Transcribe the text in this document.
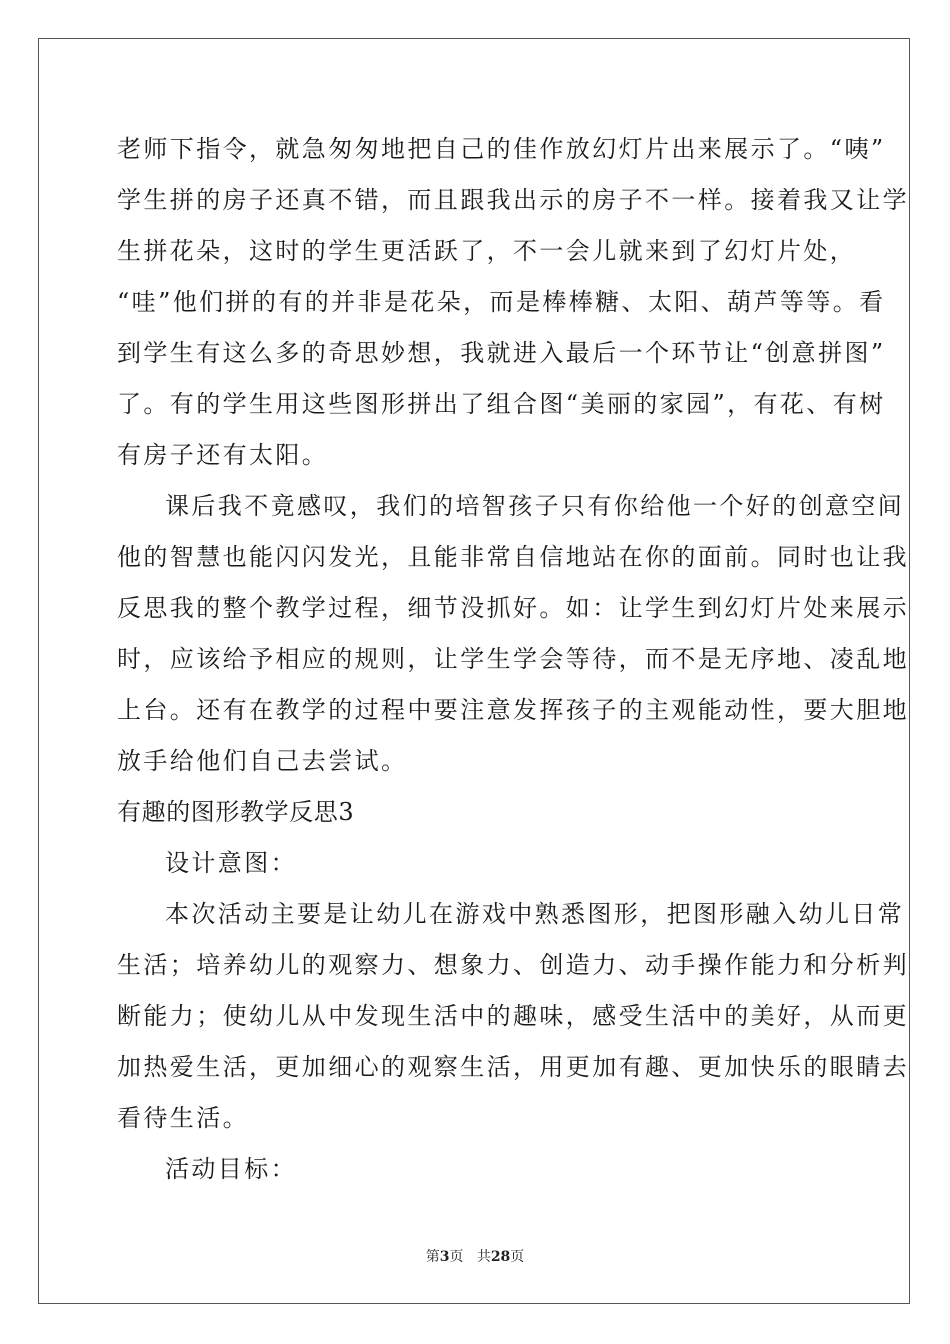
老师下指令，就急匆匆地把自己的佳作放幻灯片出来展示了。“咦”
学生拼的房子还真不错，而且跟我出示的房子不一样。接着我又让学
生拼花朵，这时的学生更活跃了，不一会儿就来到了幻灯片处，
“哇”他们拼的有的并非是花朵，而是棒棒糖、太阳、葫芦等等。看
到学生有这么多的奇思妙想，我就进入最后一个环节让“创意拼图”
了。有的学生用这些图形拼出了组合图“美丽的家园”，有花、有树
有房子还有太阳。
课后我不竟感叹，我们的培智孩子只有你给他一个好的创意空间
他的智慧也能闪闪发光，且能非常自信地站在你的面前。同时也让我
反思我的整个教学过程，细节没抓好。如：让学生到幻灯片处来展示
时，应该给予相应的规则，让学生学会等待，而不是无序地、凌乱地
上台。还有在教学的过程中要注意发挥孩子的主观能动性，要大胆地
放手给他们自己去尝试。
有趣的图形教学反思3
设计意图：
本次活动主要是让幼儿在游戏中熟悉图形，把图形融入幼儿日常
生活；培养幼儿的观察力、想象力、创造力、动手操作能力和分析判
断能力；使幼儿从中发现生活中的趣味，感受生活中的美好，从而更
加热爱生活，更加细心的观察生活，用更加有趣、更加快乐的眼睛去
看待生活。
活动目标：
第3页 共28页
